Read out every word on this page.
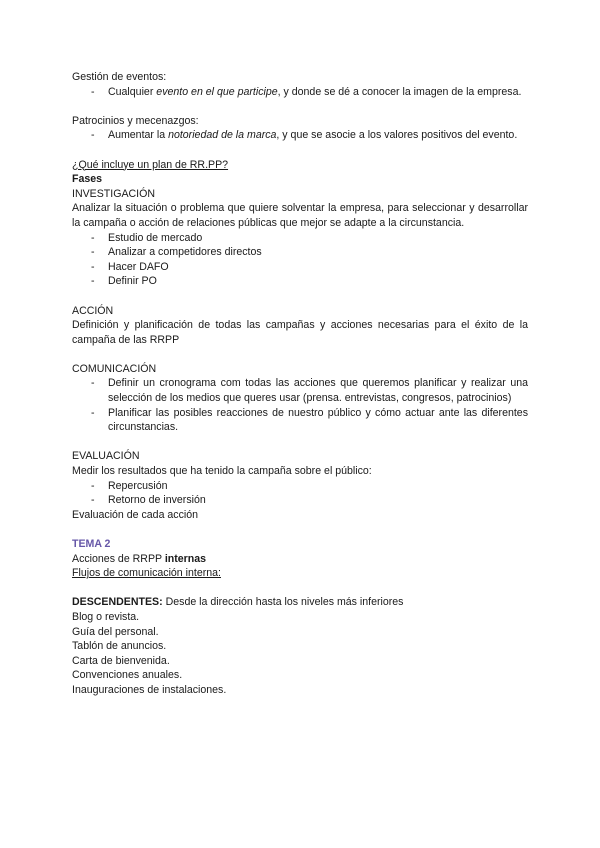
Gestión de eventos:

- Cualquier evento en el que participe, y donde se dé a conocer la imagen de la empresa.

Patrocinios y mecenazgos:

- Aumentar la notoriedad de la marca, y que se asocie a los valores positivos del evento.

¿Qué incluye un plan de RR.PP?

Fases

INVESTIGACIÓN

Analizar la situación o problema que quiere solventar la empresa, para seleccionar y desarrollar la campaña o acción de relaciones públicas que mejor se adapte a la circunstancia.

- Estudio de mercado
- Analizar a competidores directos
- Hacer DAFO
- Definir PO

ACCIÓN

Definición y planificación de todas las campañas y acciones necesarias para el éxito de la campaña de las RRPP

COMUNICACIÓN

- Definir un cronograma com todas las acciones que queremos planificar y realizar una selección de los medios que queres usar (prensa. entrevistas, congresos, patrocinios)
- Planificar las posibles reacciones de nuestro público y cómo actuar ante las diferentes circunstancias.

EVALUACIÓN

Medir los resultados que ha tenido la campaña sobre el público:

- Repercusión
- Retorno de inversión

Evaluación de cada acción

TEMA 2

Acciones de RRPP internas

Flujos de comunicación interna:

DESCENDENTES: Desde la dirección hasta los niveles más inferiores

Blog o revista.

Guía del personal.

Tablón de anuncios.

Carta de bienvenida.

Convenciones anuales.

Inauguraciones de instalaciones.
